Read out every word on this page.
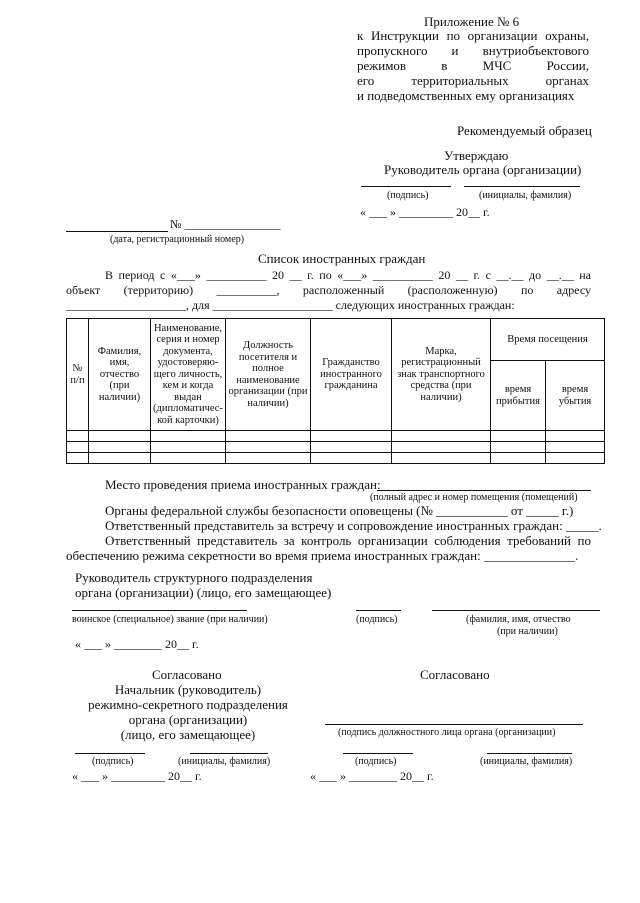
Приложение № 6
к Инструкции по организации охраны,
пропускного и внутриобъектового
режимов в МЧС России,
его территориальных органах
и подведомственных ему организациях
Рекомендуемый образец
Утверждаю
Руководитель органа (организации)
(подпись)	(инициалы, фамилия)
« ___ » _________ 20__ г.
№ ________________
(дата, регистрационный номер)
Список иностранных граждан
В период с «___» __________ 20 __ г. по «___» __________ 20 __ г. с __.__ до __.__ на
объект (территорию) __________, расположенный (расположенную) по адресу
____________________, для ____________________ следующих иностранных граждан:
№ п/п	Фамилия, имя, отчество (при наличии)	Наименование, серия и номер документа, удостоверяю-щего личность, кем и когда выдан (дипломатичес-кой карточки)	Должность посетителя и полное наименование организации (при наличии)	Гражданство иностранного гражданина	Марка, регистрационный знак транспортного средства (при наличии)	Время посещения	
						время прибытия	время убытия

Место проведения приема иностранных граждан:
(полный адрес и номер помещения (помещений)
Органы федеральной службы безопасности оповещены (№ ___________ от _____ г.)
Ответственный представитель за встречу и сопровождение иностранных граждан: _____.
Ответственный представитель за контроль организации соблюдения требований по
обеспечению режима секретности во время приема иностранных граждан: ______________.
Руководитель структурного подразделения
органа (организации) (лицо, его замещающее)
воинское (специальное) звание (при наличии)	(подпись)	(фамилия, имя, отчество
(при наличии)
« ___ » ________ 20__ г.
Согласовано
Начальник (руководитель)
режимно-секретного подразделения
органа (организации)
(лицо, его замещающее)
(подпись)	(инициалы, фамилия)
« ___ » _________ 20__ г.
Согласовано
(подпись должностного лица органа (организации)
(подпись)	(инициалы, фамилия)
« ___ » ________ 20__ г.
